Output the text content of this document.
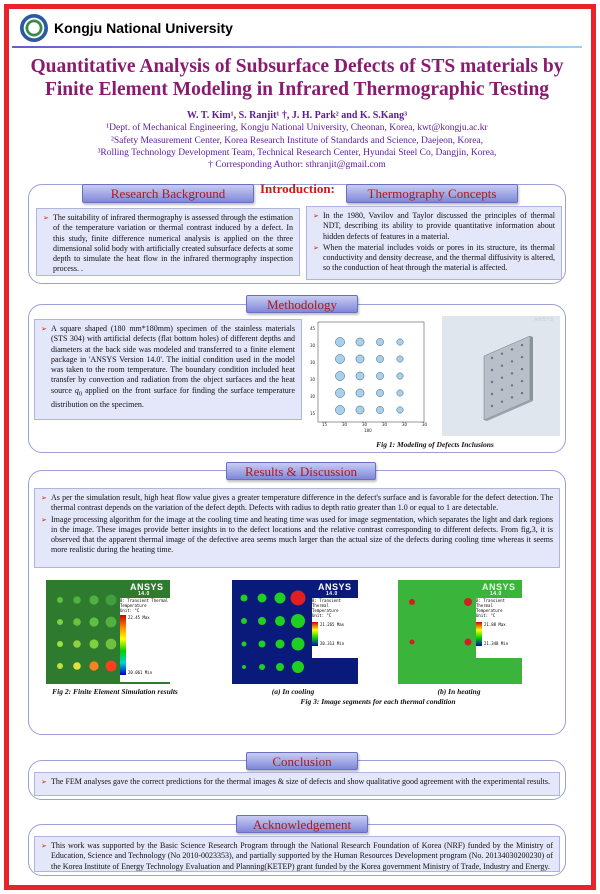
Kongju National University
Quantitative Analysis of Subsurface Defects of STS materials by
Finite Element Modeling in Infrared Thermographic Testing
W. T. Kim¹, S. Ranjit¹ †, J. H. Park² and K. S.Kang³
¹Dept. of Mechanical Engineering, Kongju National University, Cheonan, Korea, kwt@kongju.ac.kr
²Safety Measurement Center, Korea Research Institute of Standards and Science, Daejeon, Korea,
³Rolling Technology Development Team, Technical Research Center, Hyundai Steel Co, Dangjin, Korea,
† Corresponding Author: sthranjit@gmail.com
Introduction:
Research Background	Thermography Concepts
➢ The suitability of infrared thermography is assessed through the estimation of the temperature variation or thermal contrast induced by a defect. In this study, finite difference numerical analysis is applied on the three dimensional solid body with artificially created subsurface defects at some depth to simulate the heat flow in the infrared thermography inspection process. .
➢ In the 1980, Vavilov and Taylor discussed the principles of thermal NDT, describing its ability to provide quantitative information about hidden defects of features in a material.
➢ When the material includes voids or pores in its structure, its thermal conductivity and density decrease, and the thermal diffusivity is altered, so the conduction of heat through the material is affected.
Methodology
➢ A square shaped (180 mm*180mm) specimen of the stainless materials (STS 304) with artificial defects (flat bottom holes) of different depths and diameters at the back side was modeled and transferred to a finite element package in 'ANSYS Version 14.0'. The initial condition used in the model was taken to the room temperature. The boundary condition included heat transfer by convection and radiation from the object surfaces and the heat source $q_0$ applied on the front surface for finding the surface temperature distribution on the specimen.
45
30
30
30
30
15
180
15	30	30	30	30	30
ANSYS
Fig 1: Modeling of Defects Inclusions
Results & Discussion
➢ As per the simulation result, high heat flow value gives a greater temperature difference in the defect's surface and is favorable for the defect detection. The thermal contrast depends on the variation of the defect depth. Defects with radius to depth ratio greater than 1.0 or equal to 1 are detectable.
➢ Image processing algorithm for the image at the cooling time and heating time was used for image segmentation, which separates the light and dark regions in the image. These images provide better insights in to the defect locations and the relative contrast corresponding to different defects. From fig,3, it is observed that the apparent thermal image of the defective area seems much larger than the actual size of the defects during cooling time whereas it seems more realistic during the heating time.
ANSYS
14.0
B: Transient Thermal
Temperature
Unit: °C
22.45 Max
20.061 Min
Fig 2: Finite Element Simulation results
ANSYS
14.0
B: Transient Thermal
Temperature
Unit: °C
21.265 Max
20.313 Min
(a) In cooling
ANSYS
14.0
B: Transient Thermal
Temperature
Unit: °C
21.88 Max
21.348 Min
(b) In heating
Fig 3: Image segments for each thermal condition
Conclusion
➢ The FEM analyses gave the correct predictions for the thermal images & size of defects and show qualitative good agreement with the experimental results.
Acknowledgement
➢ This work was supported by the Basic Science Research Program through the National Research Foundation of Korea (NRF) funded by the Ministry of Education, Science and Technology (No 2010-0023353), and partially supported by the Human Resources Development program (No. 20134030200230) of the Korea Institute of Energy Technology Evaluation and Planning(KETEP) grant funded by the Korea government Ministry of Trade, Industry and Energy.
